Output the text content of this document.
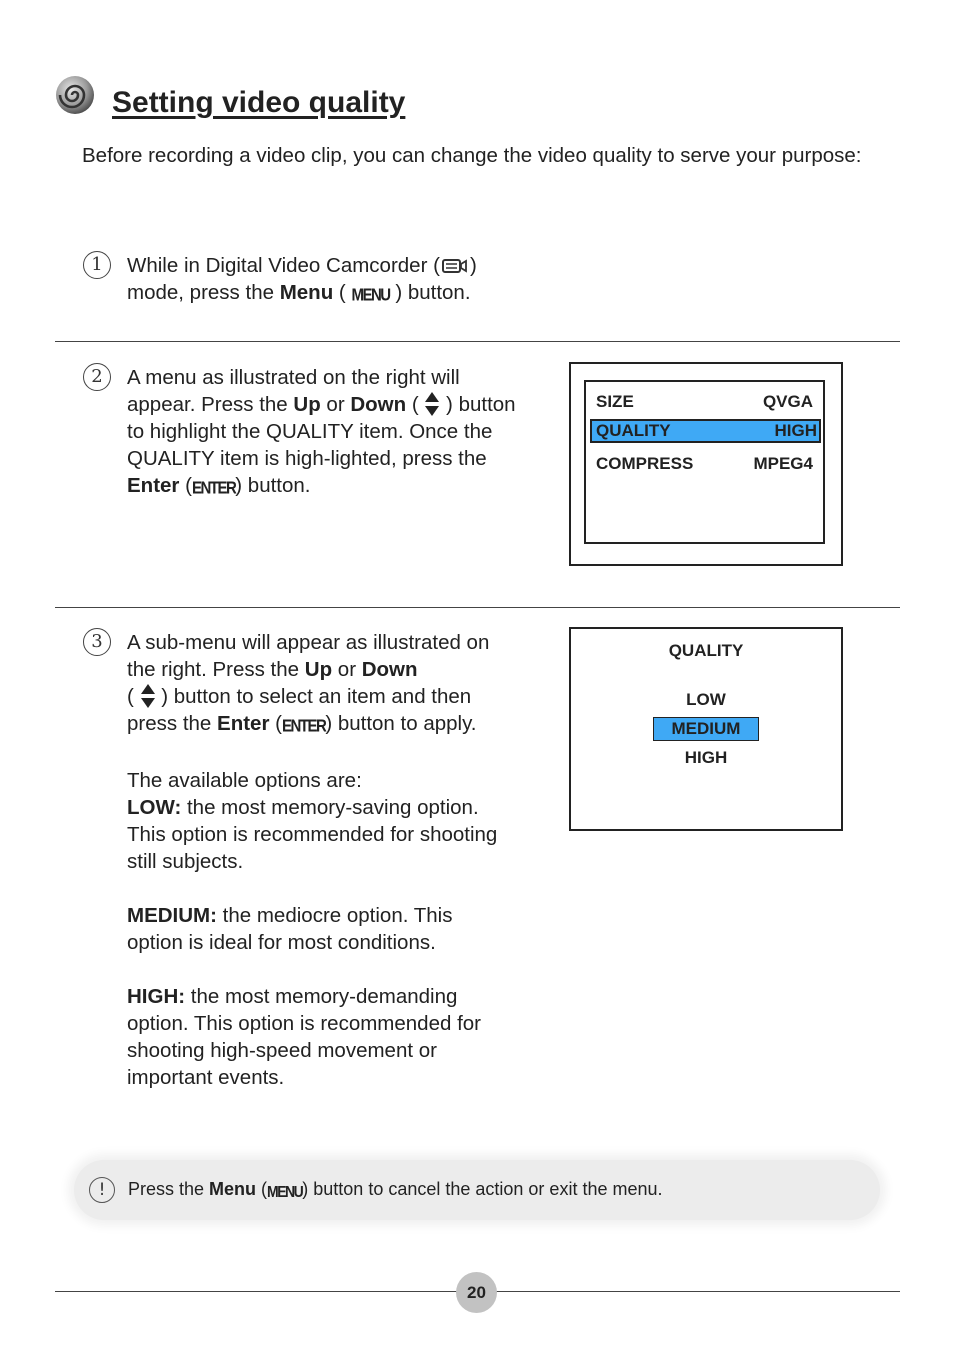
Setting video quality
Before recording a video clip, you can change the video quality to serve your purpose:
1	While in Digital Video Camcorder ( ) mode, press the Menu ( MENU ) button.
2	A menu as illustrated on the right will appear. Press the Up or Down (  ) button to highlight the QUALITY item. Once the QUALITY item is high-lighted, press the Enter (ENTER) button.
SIZE	QVGA
QUALITY	HIGH
COMPRESS	MPEG4
3	A sub-menu will appear as illustrated on the right. Press the Up or Down
(  ) button to select an item and then press the Enter (ENTER) button to apply.
The available options are:
LOW: the most memory-saving option. This option is recommended for shooting still subjects.
MEDIUM: the mediocre option. This option is ideal for most conditions.
HIGH: the most memory-demanding option. This option is recommended for shooting high-speed movement or important events.
QUALITY
LOW
MEDIUM
HIGH
!	Press the Menu (MENU) button to cancel the action or exit the menu.
20
